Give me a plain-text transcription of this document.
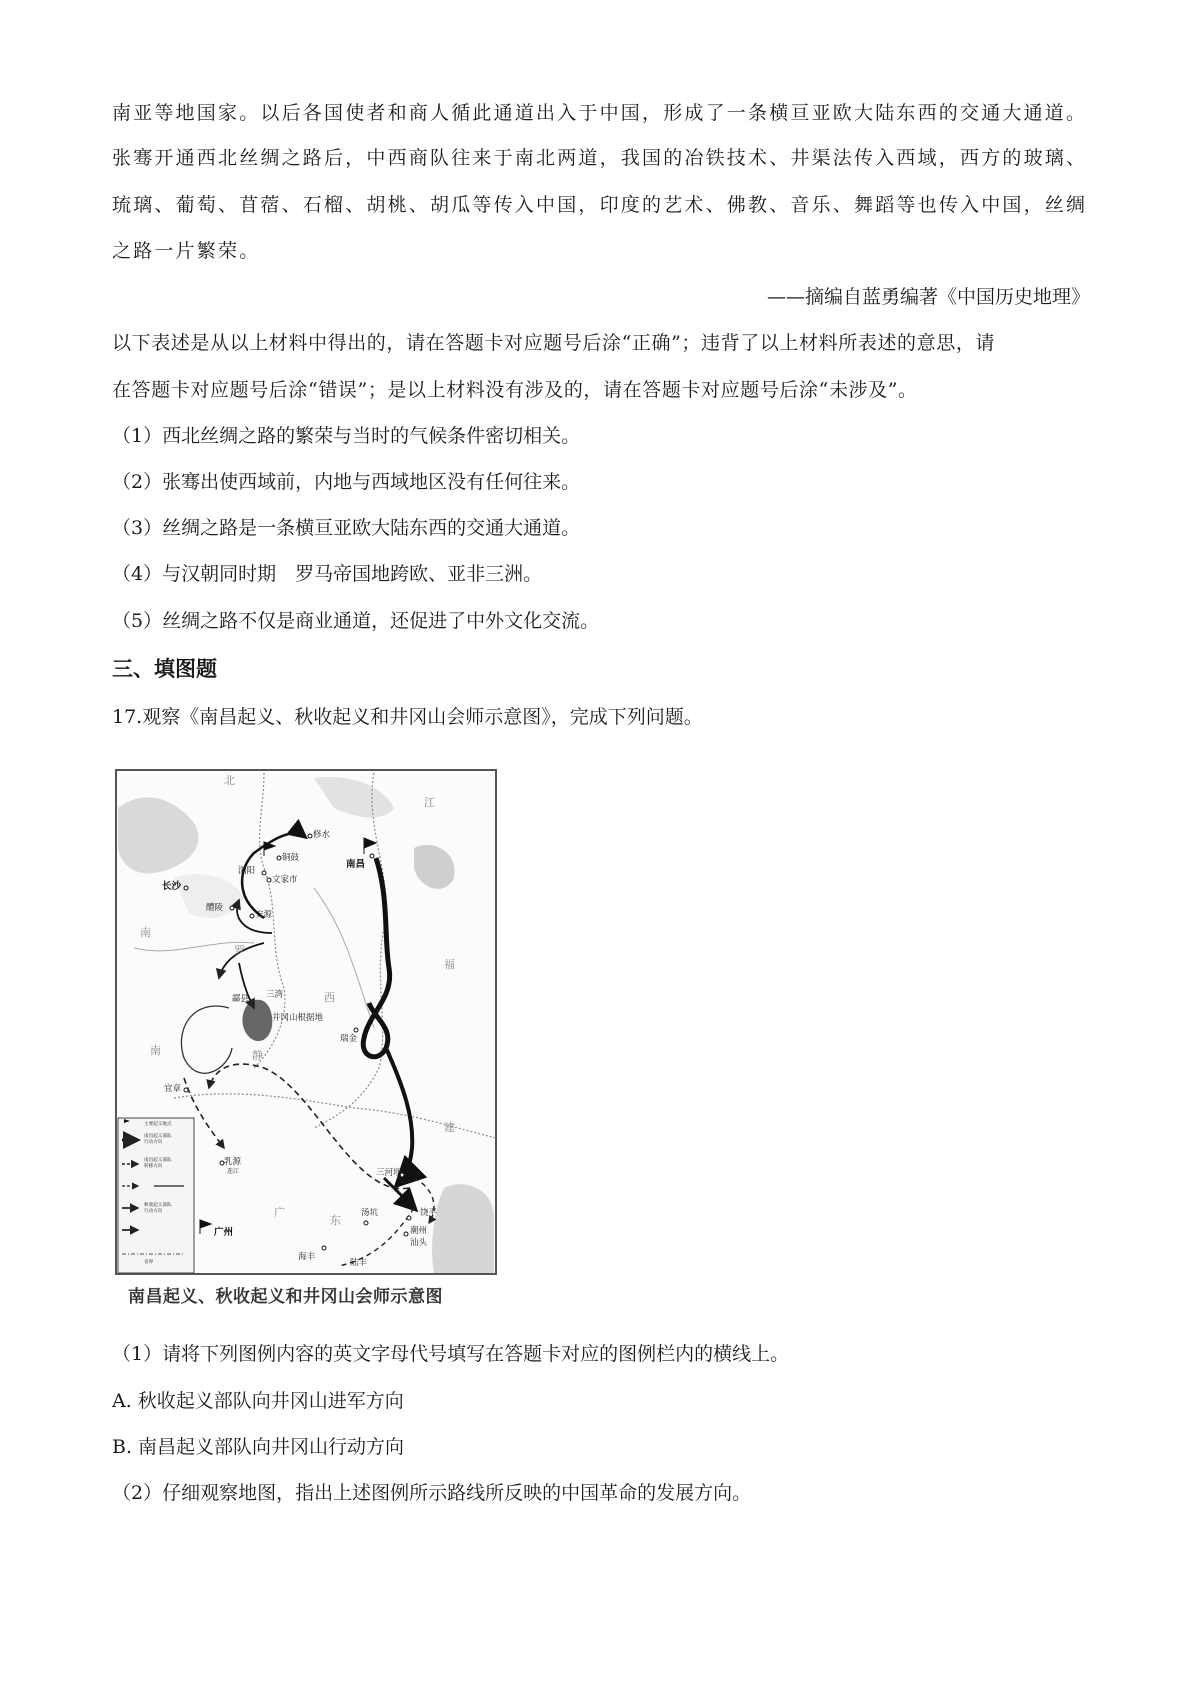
南亚等地国家。以后各国使者和商人循此通道出入于中国，形成了一条横亘亚欧大陆东西的交通大通道。
张骞开通西北丝绸之路后，中西商队往来于南北两道，我国的冶铁技术、井渠法传入西域，西方的玻璃、
琉璃、葡萄、苜蓿、石榴、胡桃、胡瓜等传入中国，印度的艺术、佛教、音乐、舞蹈等也传入中国，丝绸
之路一片繁荣。
——摘编自蓝勇编著《中国历史地理》
以下表述是从以上材料中得出的，请在答题卡对应题号后涂“正确”；违背了以上材料所表述的意思，请
在答题卡对应题号后涂“错误”；是以上材料没有涉及的，请在答题卡对应题号后涂“未涉及”。
（1）西北丝绸之路的繁荣与当时的气候条件密切相关。
（2）张骞出使西域前，内地与西域地区没有任何往来。
（3）丝绸之路是一条横亘亚欧大陆东西的交通大通道。
（4）与汉朝同时期　罗马帝国地跨欧、亚非三洲。
（5）丝绸之路不仅是商业通道，还促进了中外文化交流。
三、填图题
17.观察《南昌起义、秋收起义和井冈山会师示意图》，完成下列问题。
北
江
南
罗
西
静
福
南
建
广
东
修水
南昌
铜鼓
浏阳
长沙
文家市
醴陵
安源
三湾
酃县
井冈山根据地
瑞金
宜章
乳源
连江	三河坝
饶平
汤坑
潮州
汕头
陆丰
海丰
广州
主要起义地点
南昌起义部队
行动方向
南昌起义部队
转移方向
秋收起义部队
行动方向
省界
南昌起义、秋收起义和井冈山会师示意图
（1）请将下列图例内容的英文字母代号填写在答题卡对应的图例栏内的横线上。
A. 秋收起义部队向井冈山进军方向
B. 南昌起义部队向井冈山行动方向
（2）仔细观察地图，指出上述图例所示路线所反映的中国革命的发展方向。
